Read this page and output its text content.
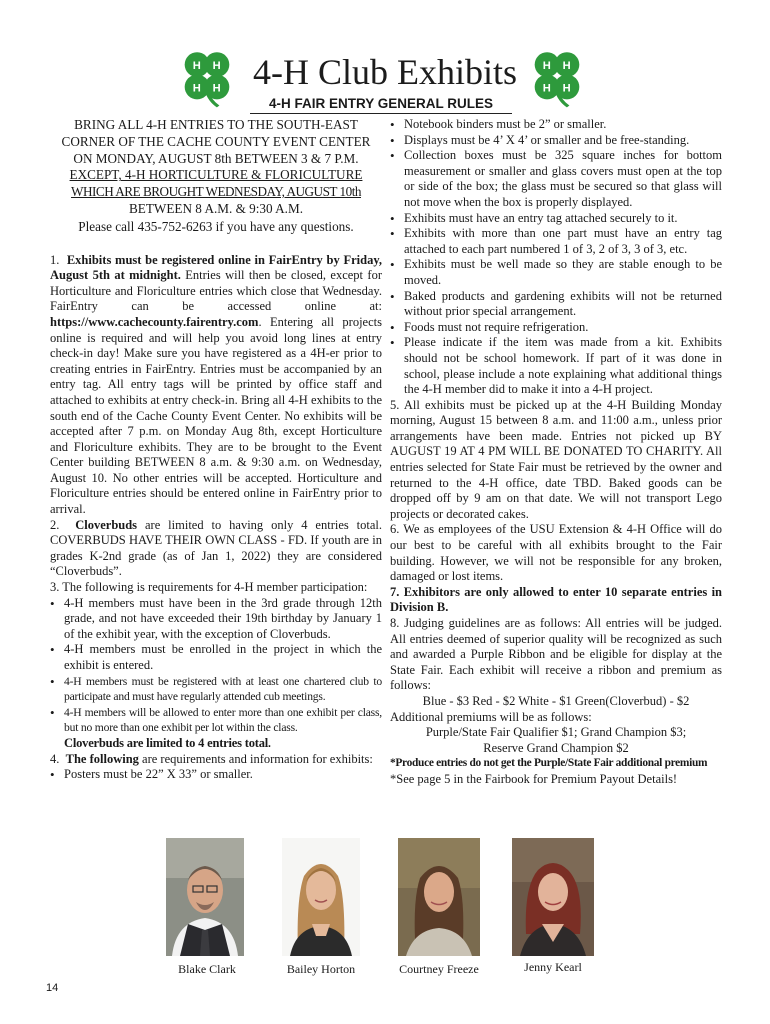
H H
H H
H H
H H
4-H Club Exhibits
4-H FAIR ENTRY GENERAL RULES
BRING ALL 4-H ENTRIES TO THE SOUTH-EAST
CORNER OF THE CACHE COUNTY EVENT CENTER
ON MONDAY, AUGUST 8th BETWEEN 3 & 7 P.M.
EXCEPT, 4-H HORTICULTURE & FLORICULTURE
WHICH ARE BROUGHT WEDNESDAY, AUGUST 10th
BETWEEN 8 A.M. & 9:30 A.M.
Please call 435-752-6263 if you have any questions.

1. Exhibits must be registered online in FairEntry by Friday, August 5th at midnight. Entries will then be closed, except for Horticulture and Floriculture entries which close that Wednesday. FairEntry can be accessed online at: https://www.cachecounty.fairentry.com. Entering all projects online is required and will help you avoid long lines at entry check-in day! Make sure you have registered as a 4H-er prior to creating entries in FairEntry. Entries must be accompanied by an entry tag. All entry tags will be printed by office staff and attached to exhibits at entry check-in. Bring all 4-H exhibits to the south end of the Cache County Event Center. No exhibits will be accepted after 7 p.m. on Monday Aug 8th, except Horticulture and Floriculture exhibits. They are to be brought to the Event Center building BETWEEN 8 a.m. & 9:30 a.m. on Wednesday, August 10. No other entries will be accepted. Horticulture and Floriculture entries should be entered online in FairEntry prior to arrival.

2. Cloverbuds are limited to having only 4 entries total. COVERBUDS HAVE THEIR OWN CLASS - FD. If youth are in grades K-2nd grade (as of Jan 1, 2022) they are considered “Cloverbuds”.

3. The following is requirements for 4-H member participation:

• 4-H members must have been in the 3rd grade through 12th grade, and not have exceeded their 19th birthday by January 1 of the exhibit year, with the exception of Cloverbuds.
• 4-H members must be enrolled in the project in which the exhibit is entered.
• 4-H members must be registered with at least one chartered club to participate and must have regularly attended cub meetings.
• 4-H members will be allowed to enter more than one exhibit per class, but no more than one exhibit per lot within the class.
Cloverbuds are limited to 4 entries total.

4. The following are requirements and information for exhibits:

• Posters must be 22” X 33” or smaller.
• Notebook binders must be 2” or smaller.
• Displays must be 4’ X 4’ or smaller and be free-standing.
• Collection boxes must be 325 square inches for bottom measurement or smaller and glass covers must open at the top or side of the box; the glass must be secured so that glass will not move when the box is properly displayed.
• Exhibits must have an entry tag attached securely to it.
• Exhibits with more than one part must have an entry tag attached to each part numbered 1 of 3, 2 of 3, 3 of 3, etc.
• Exhibits must be well made so they are stable enough to be moved.
• Baked products and gardening exhibits will not be returned without prior special arrangement.
• Foods must not require refrigeration.
• Please indicate if the item was made from a kit. Exhibits should not be school homework. If part of it was done in school, please include a note explaining what additional things the 4-H member did to make it into a 4-H project.

5. All exhibits must be picked up at the 4-H Building Monday morning, August 15 between 8 a.m. and 11:00 a.m., unless prior arrangements have been made. Entries not picked up BY AUGUST 19 AT 4 PM WILL BE DONATED TO CHARITY. All entries selected for State Fair must be retrieved by the owner and returned to the 4-H office, date TBD. Baked goods can be dropped off by 9 am on that date. We will not transport Lego projects or decorated cakes.

6. We as employees of the USU Extension & 4-H Office will do our best to be careful with all exhibits brought to the Fair building. However, we will not be responsible for any broken, damaged or lost items.

7. Exhibitors are only allowed to enter 10 separate entries in Division B.

8. Judging guidelines are as follows: All entries will be judged. All entries deemed of superior quality will be recognized as such and awarded a Purple Ribbon and be eligible for display at the State Fair. Each exhibit will receive a ribbon and premium as follows:

Blue - $3 Red - $2 White - $1 Green(Cloverbud) - $2
Additional premiums will be as follows:
Purple/State Fair Qualifier $1; Grand Champion $3;
Reserve Grand Champion $2
*Produce entries do not get the Purple/State Fair additional premium
*See page 5 in the Fairbook for Premium Payout Details!
Blake Clark	Bailey Horton	Courtney Freeze	Jenny Kearl
14
